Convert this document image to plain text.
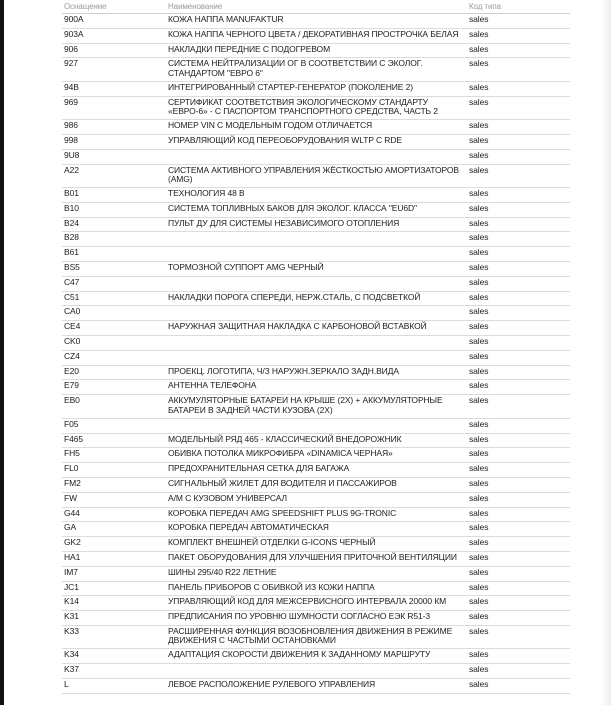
Оснащение	Наименование	Код типа
900A	КОЖА НАППА MANUFAKTUR	sales
903A	КОЖА НАППА ЧЕРНОГО ЦВЕТА / ДЕКОРАТИВНАЯ ПРОСТРОЧКА БЕЛАЯ	sales
906	НАКЛАДКИ ПЕРЕДНИЕ С ПОДОГРЕВОМ	sales
927	СИСТЕМА НЕЙТРАЛИЗАЦИИ ОГ В СООТВЕТСТВИИ С ЭКОЛОГ. СТАНДАРТОМ "ЕВРО 6"	sales
94B	ИНТЕГРИРОВАННЫЙ СТАРТЕР-ГЕНЕРАТОР (ПОКОЛЕНИЕ 2)	sales
969	СЕРТИФИКАТ СООТВЕТСТВИЯ ЭКОЛОГИЧЕСКОМУ СТАНДАРТУ «ЕВРО-6» - С ПАСПОРТОМ ТРАНСПОРТНОГО СРЕДСТВА, ЧАСТЬ 2	sales
986	НОМЕР VIN С МОДЕЛЬНЫМ ГОДОМ ОТЛИЧАЕТСЯ	sales
998	УПРАВЛЯЮЩИЙ КОД ПЕРЕОБОРУДОВАНИЯ WLTP С RDE	sales
9U8		sales
A22	СИСТЕМА АКТИВНОГО УПРАВЛЕНИЯ ЖЁСТКОСТЬЮ АМОРТИЗАТОРОВ (AMG)	sales
B01	ТЕХНОЛОГИЯ 48 В	sales
B10	СИСТЕМА ТОПЛИВНЫХ БАКОВ ДЛЯ ЭКОЛОГ. КЛАССА "EU6D"	sales
B24	ПУЛЬТ ДУ ДЛЯ СИСТЕМЫ НЕЗАВИСИМОГО ОТОПЛЕНИЯ	sales
B28		sales
B61		sales
BS5	ТОРМОЗНОЙ СУППОРТ AMG ЧЕРНЫЙ	sales
C47		sales
C51	НАКЛАДКИ ПОРОГА СПЕРЕДИ, НЕРЖ.СТАЛЬ, С ПОДСВЕТКОЙ	sales
CA0		sales
CE4	НАРУЖНАЯ ЗАЩИТНАЯ НАКЛАДКА С КАРБОНОВОЙ ВСТАВКОЙ	sales
CK0		sales
CZ4		sales
E20	ПРОЕКЦ. ЛОГОТИПА, Ч/З НАРУЖН.ЗЕРКАЛО ЗАДН.ВИДА	sales
E79	АНТЕННА ТЕЛЕФОНА	sales
EB0	АККУМУЛЯТОРНЫЕ БАТАРЕИ НА КРЫШЕ (2X) + АККУМУЛЯТОРНЫЕ БАТАРЕИ В ЗАДНЕЙ ЧАСТИ КУЗОВА (2X)	sales
F05		sales
F465	МОДЕЛЬНЫЙ РЯД 465 - КЛАССИЧЕСКИЙ ВНЕДОРОЖНИК	sales
FH5	ОБИВКА ПОТОЛКА МИКРОФИБРА «DINAMICA ЧЕРНАЯ»	sales
FL0	ПРЕДОХРАНИТЕЛЬНАЯ СЕТКА ДЛЯ БАГАЖА	sales
FM2	СИГНАЛЬНЫЙ ЖИЛЕТ ДЛЯ ВОДИТЕЛЯ И ПАССАЖИРОВ	sales
FW	А/М С КУЗОВОМ УНИВЕРСАЛ	sales
G44	КОРОБКА ПЕРЕДАЧ AMG SPEEDSHIFT PLUS 9G-TRONIC	sales
GA	КОРОБКА ПЕРЕДАЧ АВТОМАТИЧЕСКАЯ	sales
GK2	КОМПЛЕКТ ВНЕШНЕЙ ОТДЕЛКИ G-ICONS ЧЕРНЫЙ	sales
HA1	ПАКЕТ ОБОРУДОВАНИЯ ДЛЯ УЛУЧШЕНИЯ ПРИТОЧНОЙ ВЕНТИЛЯЦИИ	sales
IM7	ШИНЫ 295/40 R22 ЛЕТНИЕ	sales
JC1	ПАНЕЛЬ ПРИБОРОВ С ОБИВКОЙ ИЗ КОЖИ НАППА	sales
K14	УПРАВЛЯЮЩИЙ КОД ДЛЯ МЕЖСЕРВИСНОГО ИНТЕРВАЛА 20000 КМ	sales
K31	ПРЕДПИСАНИЯ ПО УРОВНЮ ШУМНОСТИ СОГЛАСНО ЕЭК R51-3	sales
K33	РАСШИРЕННАЯ ФУНКЦИЯ ВОЗОБНОВЛЕНИЯ ДВИЖЕНИЯ В РЕЖИМЕ ДВИЖЕНИЯ С ЧАСТЫМИ ОСТАНОВКАМИ	sales
K34	АДАПТАЦИЯ СКОРОСТИ ДВИЖЕНИЯ К ЗАДАННОМУ МАРШРУТУ	sales
K37		sales
L	ЛЕВОЕ РАСПОЛОЖЕНИЕ РУЛЕВОГО УПРАВЛЕНИЯ	sales
